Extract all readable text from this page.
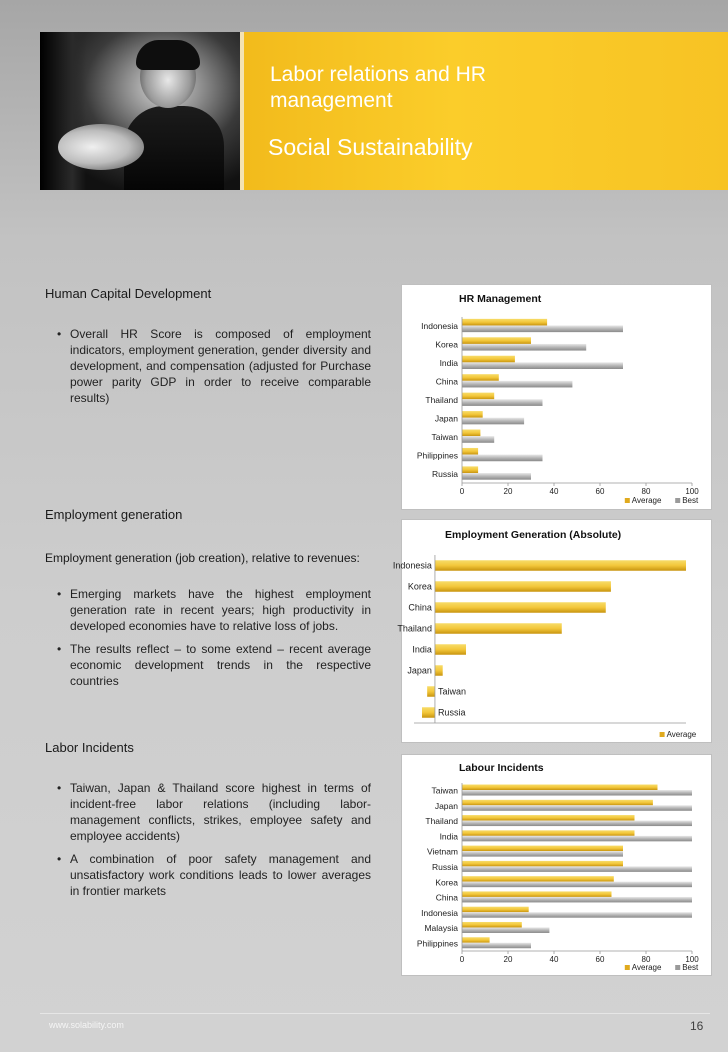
Labor relations and HR management
Social Sustainability
Human Capital Development
• Overall HR Score is composed of employment indicators, employment generation, gender diversity and development, and compensation (adjusted for Purchase power parity GDP in order to receive comparable results)
Employment generation
Employment generation (job creation), relative to revenues:
• Emerging markets have the highest employment generation rate in recent years; high productivity in developed economies have to relative loss of jobs.
• The results reflect – to some extend – recent average economic development trends in the respective countries
Labor Incidents
• Taiwan, Japan & Thailand score highest in terms of incident-free labor relations (including labor-management conflicts, strikes, employee safety and employee accidents)
• A combination of poor safety management and unsatisfactory work conditions leads to lower averages in frontier markets
HR Management
Indonesia
Korea
India
China
Thailand
Japan
Taiwan
Philippines
Russia
0	20	40	60	80	100
Best
Average
Employment Generation (Absolute)
Indonesia
Korea
China
Thailand
India
Japan
Taiwan
Russia
Average
Labour Incidents
Taiwan
Japan
Thailand
India
Vietnam
Russia
Korea
China
Indonesia
Malaysia
Philippines
0	20	40	60	80	100
Best
Average
www.solability.com	16
